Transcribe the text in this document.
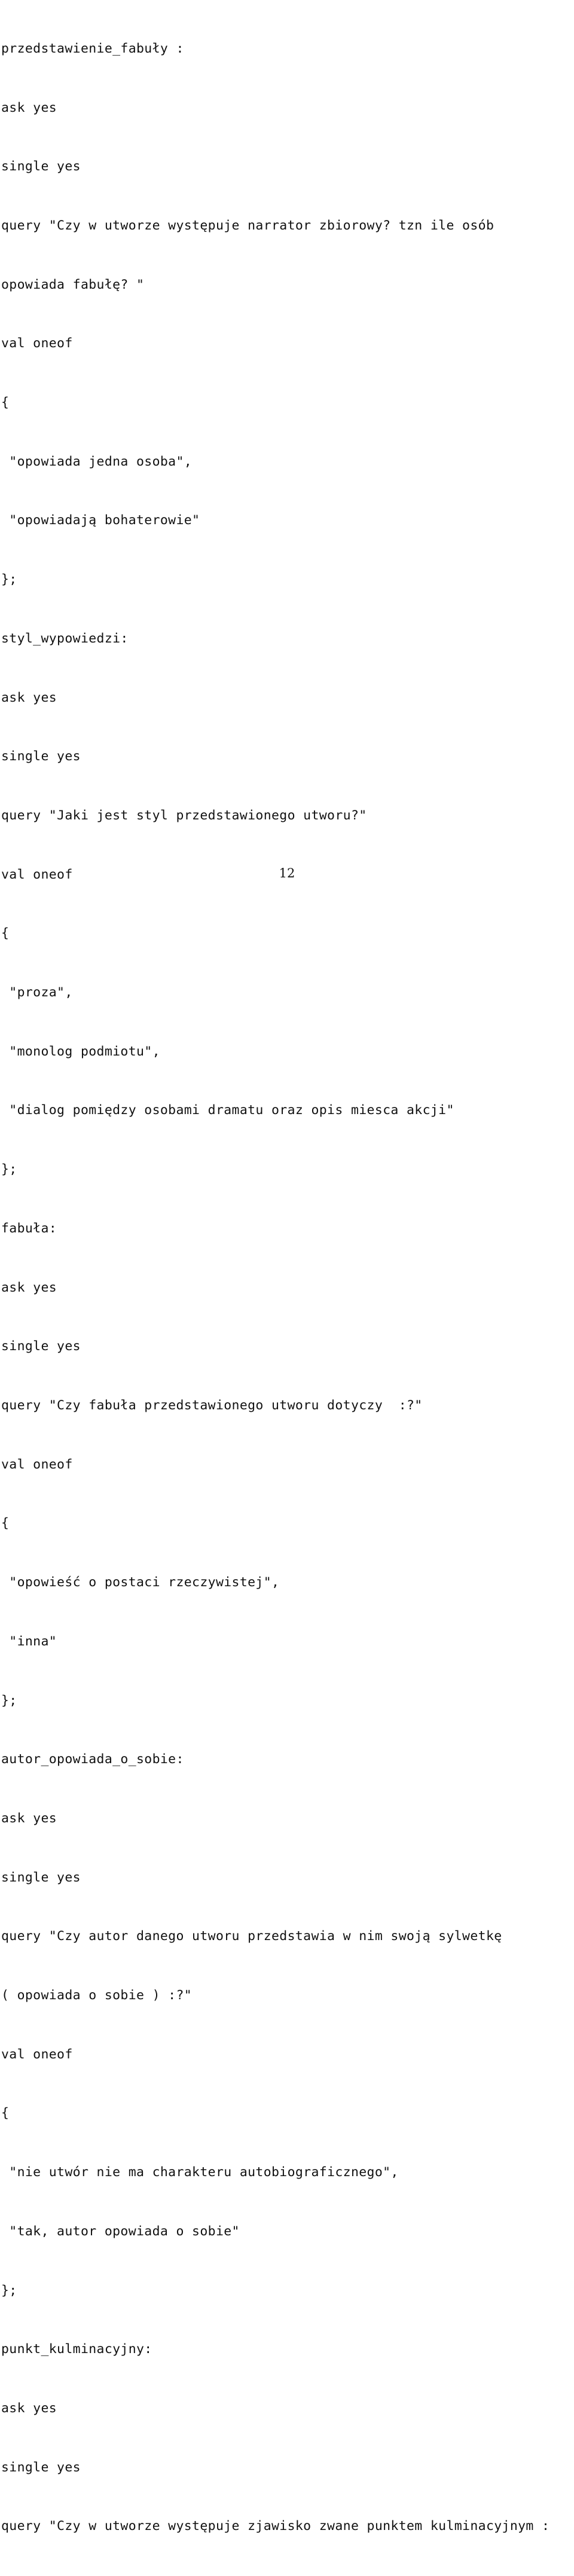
przedstawienie_fabuły :

ask yes

single yes

query "Czy w utworze występuje narrator zbiorowy? tzn ile osób

opowiada fabułę? "

val oneof

{

"opowiada jedna osoba",

"opowiadają bohaterowie"

};

styl_wypowiedzi:

ask yes

single yes

query "Jaki jest styl przedstawionego utworu?"

val oneof

{

"proza",

"monolog podmiotu",

"dialog pomiędzy osobami dramatu oraz opis miesca akcji"

};

fabuła:

ask yes

single yes

query "Czy fabuła przedstawionego utworu dotyczy  :?"

val oneof

{

"opowieść o postaci rzeczywistej",

"inna"

};

autor_opowiada_o_sobie:

ask yes

single yes

query "Czy autor danego utworu przedstawia w nim swoją sylwetkę

( opowiada o sobie ) :?"

val oneof

{

"nie utwór nie ma charakteru autobiograficznego",

"tak, autor opowiada o sobie"

};

punkt_kulminacyjny:

ask yes

single yes

query "Czy w utworze występuje zjawisko zwane punktem kulminacyjnym :

12
